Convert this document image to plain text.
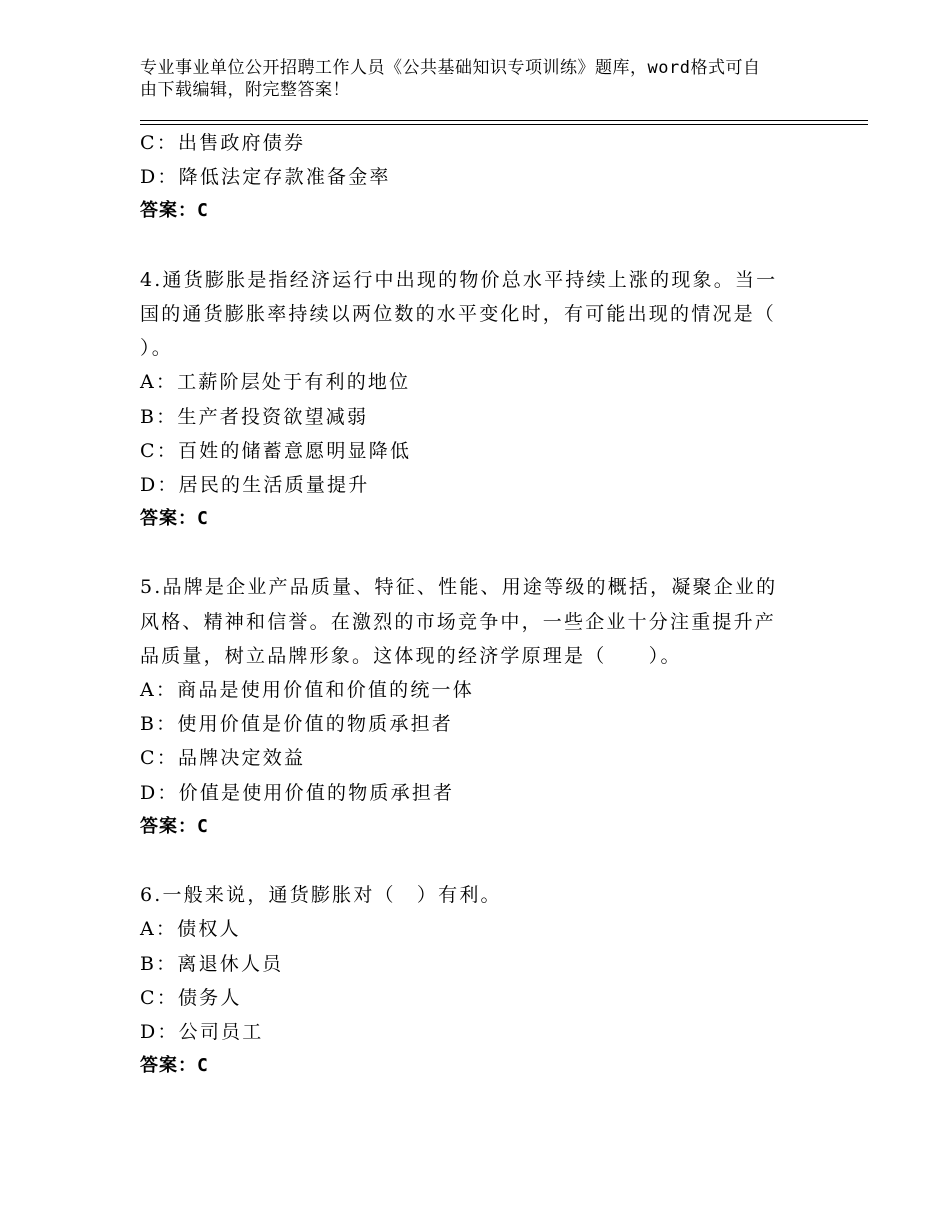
专业事业单位公开招聘工作人员《公共基础知识专项训练》题库，word格式可自
由下载编辑，附完整答案！
C：出售政府债券
D：降低法定存款准备金率
答案：C
4.通货膨胀是指经济运行中出现的物价总水平持续上涨的现象。当一
国的通货膨胀率持续以两位数的水平变化时，有可能出现的情况是（
）。
A：工薪阶层处于有利的地位
B：生产者投资欲望减弱
C：百姓的储蓄意愿明显降低
D：居民的生活质量提升
答案：C
5.品牌是企业产品质量、特征、性能、用途等级的概括，凝聚企业的
风格、精神和信誉。在激烈的市场竞争中，一些企业十分注重提升产
品质量，树立品牌形象。这体现的经济学原理是（　　）。
A：商品是使用价值和价值的统一体
B：使用价值是价值的物质承担者
C：品牌决定效益
D：价值是使用价值的物质承担者
答案：C
6.一般来说，通货膨胀对（　）有利。
A：债权人
B：离退休人员
C：债务人
D：公司员工
答案：C
